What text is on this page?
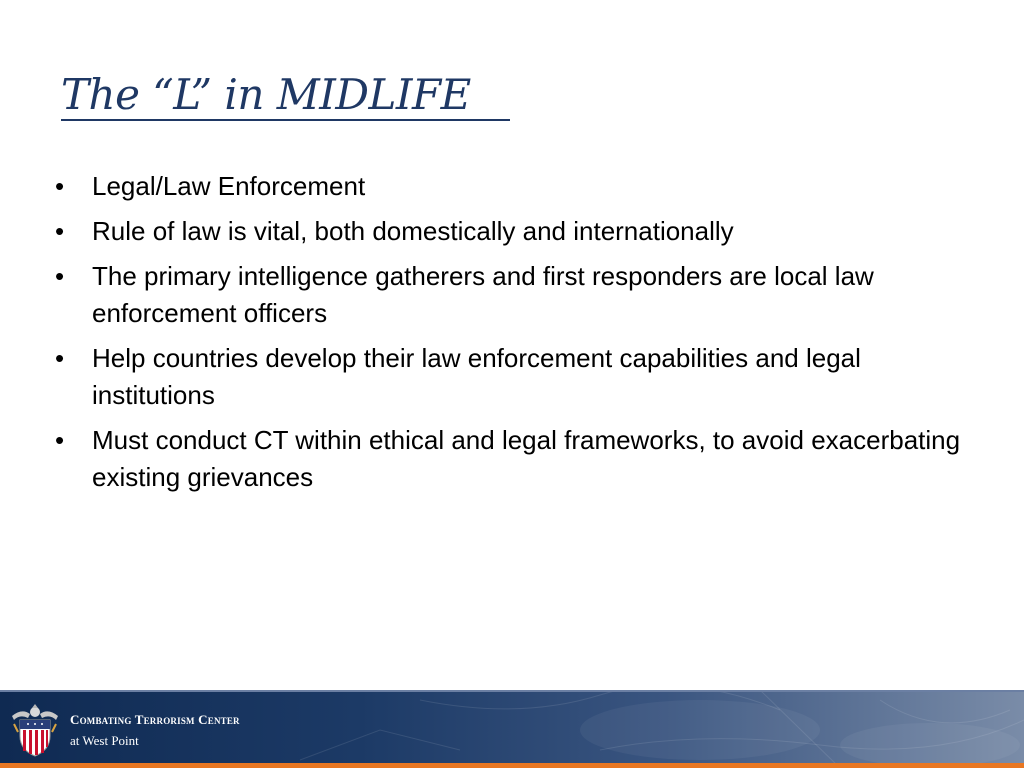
The “L” in MIDLIFE
• Legal/Law Enforcement
• Rule of law is vital, both domestically and internationally
• The primary intelligence gatherers and first responders are local law enforcement officers
• Help countries develop their law enforcement capabilities and legal institutions
• Must conduct CT within ethical and legal frameworks, to avoid exacerbating existing grievances
Combating Terrorism Center
at West Point
